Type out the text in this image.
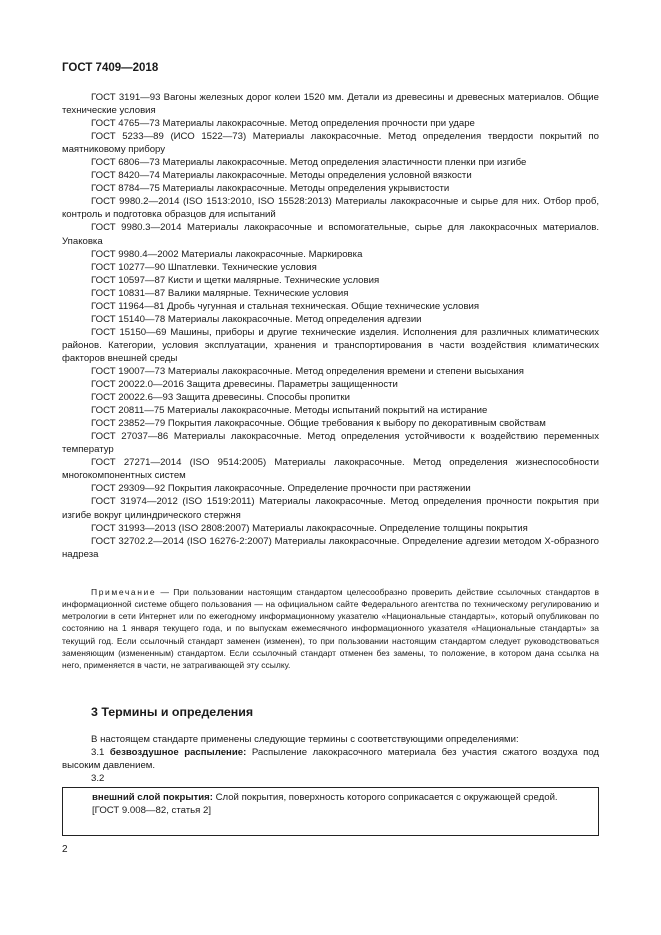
ГОСТ 7409—2018

ГОСТ 3191—93 Вагоны железных дорог колеи 1520 мм. Детали из древесины и древесных материалов. Общие технические условия

ГОСТ 4765—73 Материалы лакокрасочные. Метод определения прочности при ударе

ГОСТ 5233—89 (ИСО 1522—73) Материалы лакокрасочные. Метод определения твердости покрытий по маятниковому прибору

ГОСТ 6806—73 Материалы лакокрасочные. Метод определения эластичности пленки при изгибе

ГОСТ 8420—74 Материалы лакокрасочные. Методы определения условной вязкости

ГОСТ 8784—75 Материалы лакокрасочные. Методы определения укрывистости

ГОСТ 9980.2—2014 (ISO 1513:2010, ISO 15528:2013) Материалы лакокрасочные и сырье для них. Отбор проб, контроль и подготовка образцов для испытаний

ГОСТ 9980.3—2014 Материалы лакокрасочные и вспомогательные, сырье для лакокрасочных материалов. Упаковка

ГОСТ 9980.4—2002 Материалы лакокрасочные. Маркировка

ГОСТ 10277—90 Шпатлевки. Технические условия

ГОСТ 10597—87 Кисти и щетки малярные. Технические условия

ГОСТ 10831—87 Валики малярные. Технические условия

ГОСТ 11964—81 Дробь чугунная и стальная техническая. Общие технические условия

ГОСТ 15140—78 Материалы лакокрасочные. Метод определения адгезии

ГОСТ 15150—69 Машины, приборы и другие технические изделия. Исполнения для различных климатических районов. Категории, условия эксплуатации, хранения и транспортирования в части воздействия климатических факторов внешней среды

ГОСТ 19007—73 Материалы лакокрасочные. Метод определения времени и степени высыхания

ГОСТ 20022.0—2016 Защита древесины. Параметры защищенности

ГОСТ 20022.6—93 Защита древесины. Способы пропитки

ГОСТ 20811—75 Материалы лакокрасочные. Методы испытаний покрытий на истирание

ГОСТ 23852—79 Покрытия лакокрасочные. Общие требования к выбору по декоративным свойствам

ГОСТ 27037—86 Материалы лакокрасочные. Метод определения устойчивости к воздействию переменных температур

ГОСТ 27271—2014 (ISO 9514:2005) Материалы лакокрасочные. Метод определения жизнеспособности многокомпонентных систем

ГОСТ 29309—92 Покрытия лакокрасочные. Определение прочности при растяжении

ГОСТ 31974—2012 (ISO 1519:2011) Материалы лакокрасочные. Метод определения прочности покрытия при изгибе вокруг цилиндрического стержня

ГОСТ 31993—2013 (ISO 2808:2007) Материалы лакокрасочные. Определение толщины покрытия

ГОСТ 32702.2—2014 (ISO 16276-2:2007) Материалы лакокрасочные. Определение адгезии методом Х-образного надреза

Примечание — При пользовании настоящим стандартом целесообразно проверить действие ссылочных стандартов в информационной системе общего пользования — на официальном сайте Федерального агентства по техническому регулированию и метрологии в сети Интернет или по ежегодному информационному указателю «Национальные стандарты», который опубликован по состоянию на 1 января текущего года, и по выпускам ежемесячного информационного указателя «Национальные стандарты» за текущий год. Если ссылочный стандарт заменен (изменен), то при пользовании настоящим стандартом следует руководствоваться заменяющим (измененным) стандартом. Если ссылочный стандарт отменен без замены, то положение, в котором дана ссылка на него, применяется в части, не затрагивающей эту ссылку.

3 Термины и определения

В настоящем стандарте применены следующие термины с соответствующими определениями:

3.1 безвоздушное распыление: Распыление лакокрасочного материала без участия сжатого воздуха под высоким давлением.

3.2

внешний слой покрытия: Слой покрытия, поверхность которого соприкасается с окружающей средой.

[ГОСТ 9.008—82, статья 2]

2
